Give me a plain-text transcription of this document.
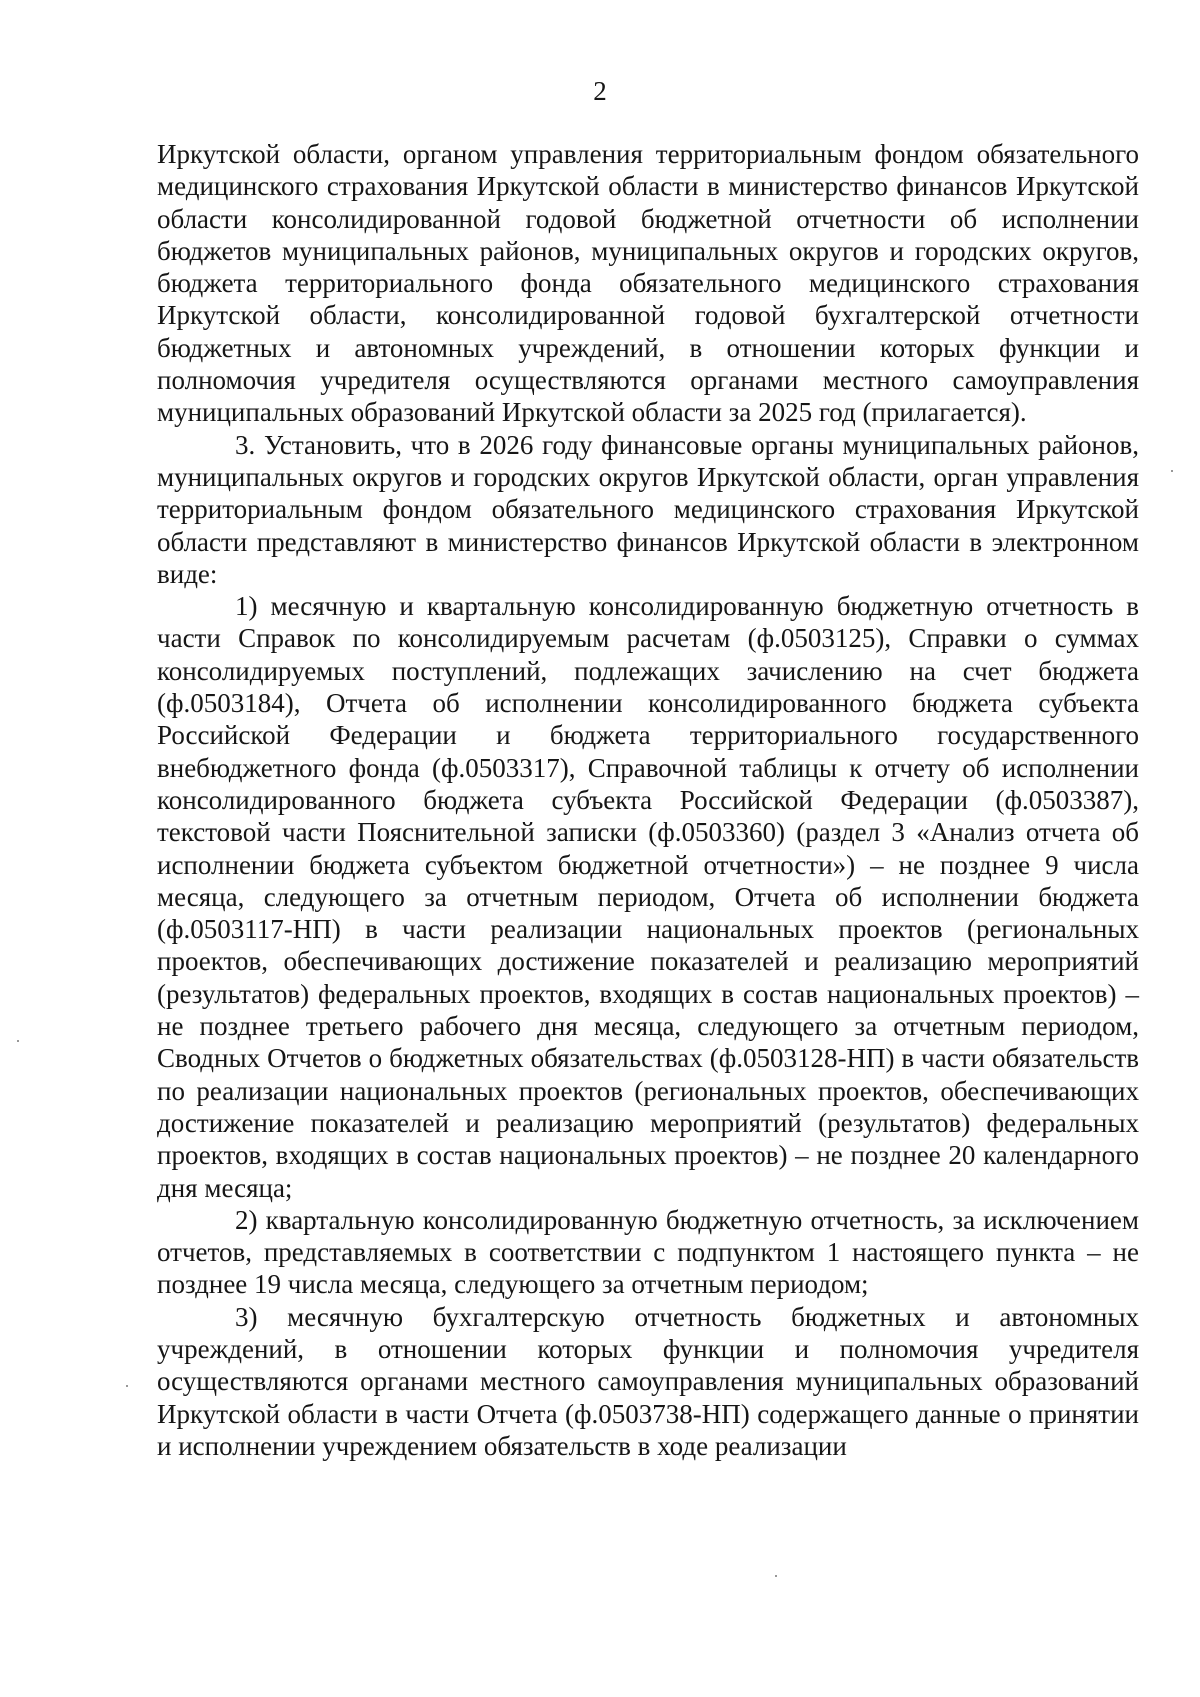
2

Иркутской области, органом управления территориальным фондом обязательного медицинского страхования Иркутской области в министерство финансов Иркутской области консолидированной годовой бюджетной отчетности об исполнении бюджетов муниципальных районов, муниципальных округов и городских округов, бюджета территориального фонда обязательного медицинского страхования Иркутской области, консолидированной годовой бухгалтерской отчетности бюджетных и автономных учреждений, в отношении которых функции и полномочия учредителя осуществляются органами местного самоуправления муниципальных образований Иркутской области за 2025 год (прилагается).

3. Установить, что в 2026 году финансовые органы муниципальных районов, муниципальных округов и городских округов Иркутской области, орган управления территориальным фондом обязательного медицинского страхования Иркутской области представляют в министерство финансов Иркутской области в электронном виде:

1) месячную и квартальную консолидированную бюджетную отчетность в части Справок по консолидируемым расчетам (ф.0503125), Справки о суммах консолидируемых поступлений, подлежащих зачислению на счет бюджета (ф.0503184), Отчета об исполнении консолидированного бюджета субъекта Российской Федерации и бюджета территориального государственного внебюджетного фонда (ф.0503317), Справочной таблицы к отчету об исполнении консолидированного бюджета субъекта Российской Федерации (ф.0503387), текстовой части Пояснительной записки (ф.0503360) (раздел 3 «Анализ отчета об исполнении бюджета субъектом бюджетной отчетности») – не позднее 9 числа месяца, следующего за отчетным периодом, Отчета об исполнении бюджета (ф.0503117-НП) в части реализации национальных проектов (региональных проектов, обеспечивающих достижение показателей и реализацию мероприятий (результатов) федеральных проектов, входящих в состав национальных проектов) – не позднее третьего рабочего дня месяца, следующего за отчетным периодом, Сводных Отчетов о бюджетных обязательствах (ф.0503128-НП) в части обязательств по реализации национальных проектов (региональных проектов, обеспечивающих достижение показателей и реализацию мероприятий (результатов) федеральных проектов, входящих в состав национальных проектов) – не позднее 20 календарного дня месяца;

2) квартальную консолидированную бюджетную отчетность, за исключением отчетов, представляемых в соответствии с подпунктом 1 настоящего пункта – не позднее 19 числа месяца, следующего за отчетным периодом;

3) месячную бухгалтерскую отчетность бюджетных и автономных учреждений, в отношении которых функции и полномочия учредителя осуществляются органами местного самоуправления муниципальных образований Иркутской области в части Отчета (ф.0503738-НП) содержащего данные о принятии и исполнении учреждением обязательств в ходе реализации
